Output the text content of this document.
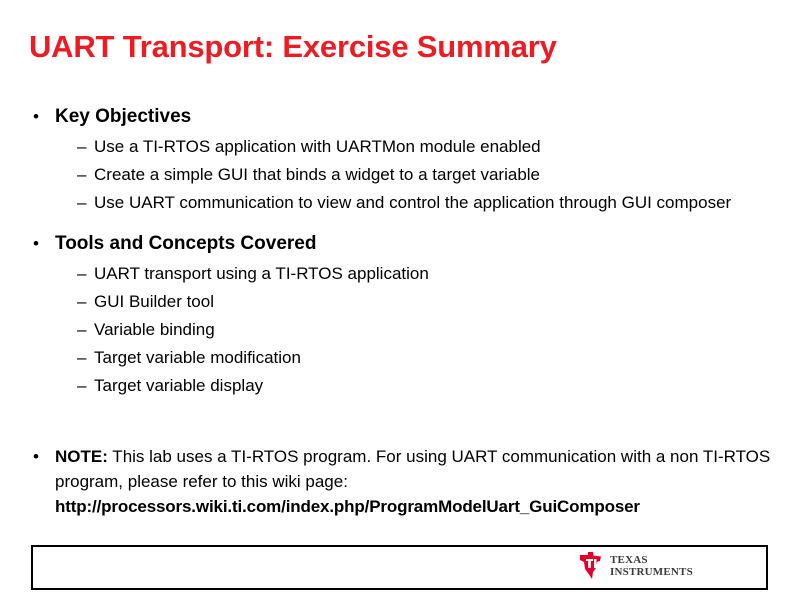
UART Transport: Exercise Summary
• Key Objectives
– Use a TI-RTOS application with UARTMon module enabled
– Create a simple GUI that binds a widget to a target variable
– Use UART communication to view and control the application through GUI composer
• Tools and Concepts Covered
– UART transport using a TI-RTOS application
– GUI Builder tool
– Variable binding
– Target variable modification
– Target variable display
• NOTE: This lab uses a TI-RTOS program. For using UART communication with a non TI-RTOS program, please refer to this wiki page:
http://processors.wiki.ti.com/index.php/ProgramModelUart_GuiComposer
TEXAS
INSTRUMENTS
